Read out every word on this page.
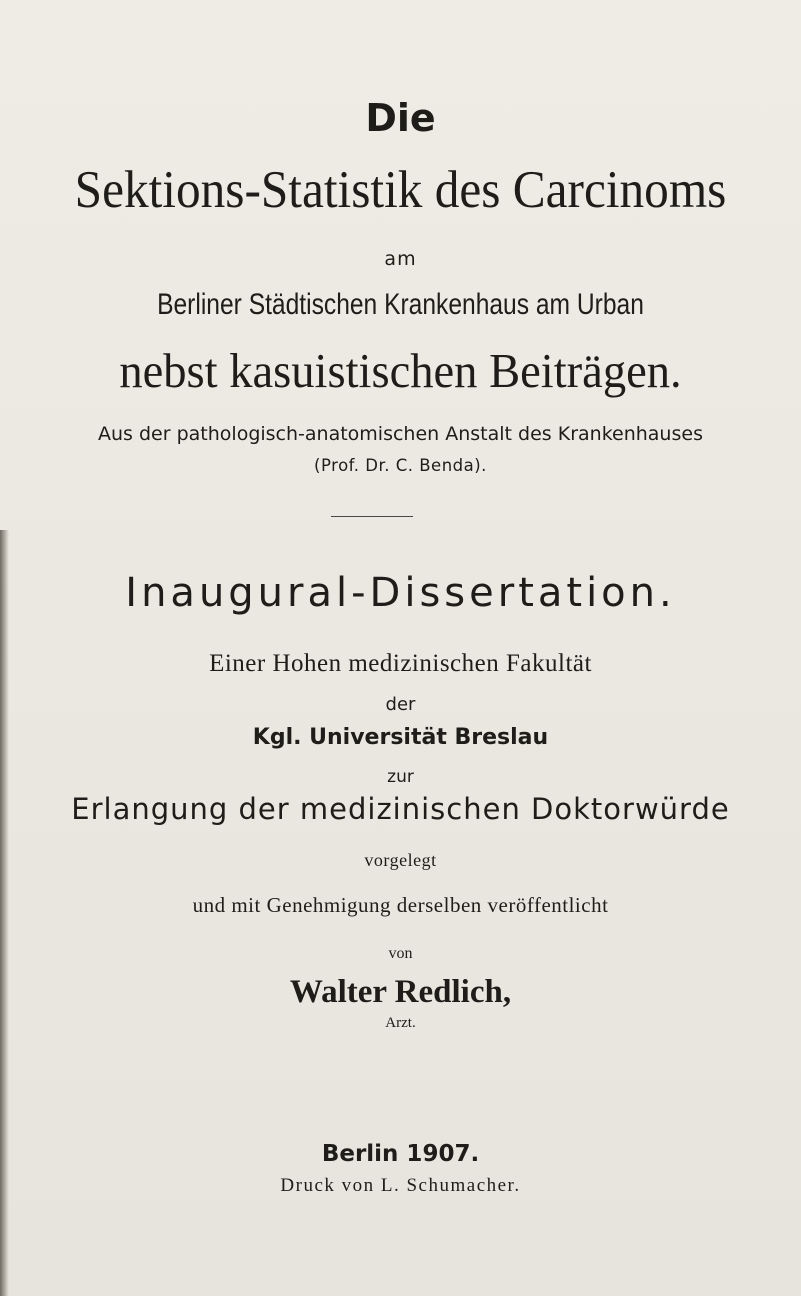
Die
Sektions-Statistik des Carcinoms
am
Berliner Städtischen Krankenhaus am Urban
nebst kasuistischen Beiträgen.
Aus der pathologisch-anatomischen Anstalt des Krankenhauses
(Prof. Dr. C. Benda).
Inaugural-Dissertation.
Einer Hohen medizinischen Fakultät
der
Kgl. Universität Breslau
zur
Erlangung der medizinischen Doktorwürde
vorgelegt
und mit Genehmigung derselben veröffentlicht
von
Walter Redlich,
Arzt.
Berlin 1907.
Druck von L. Schumacher.
